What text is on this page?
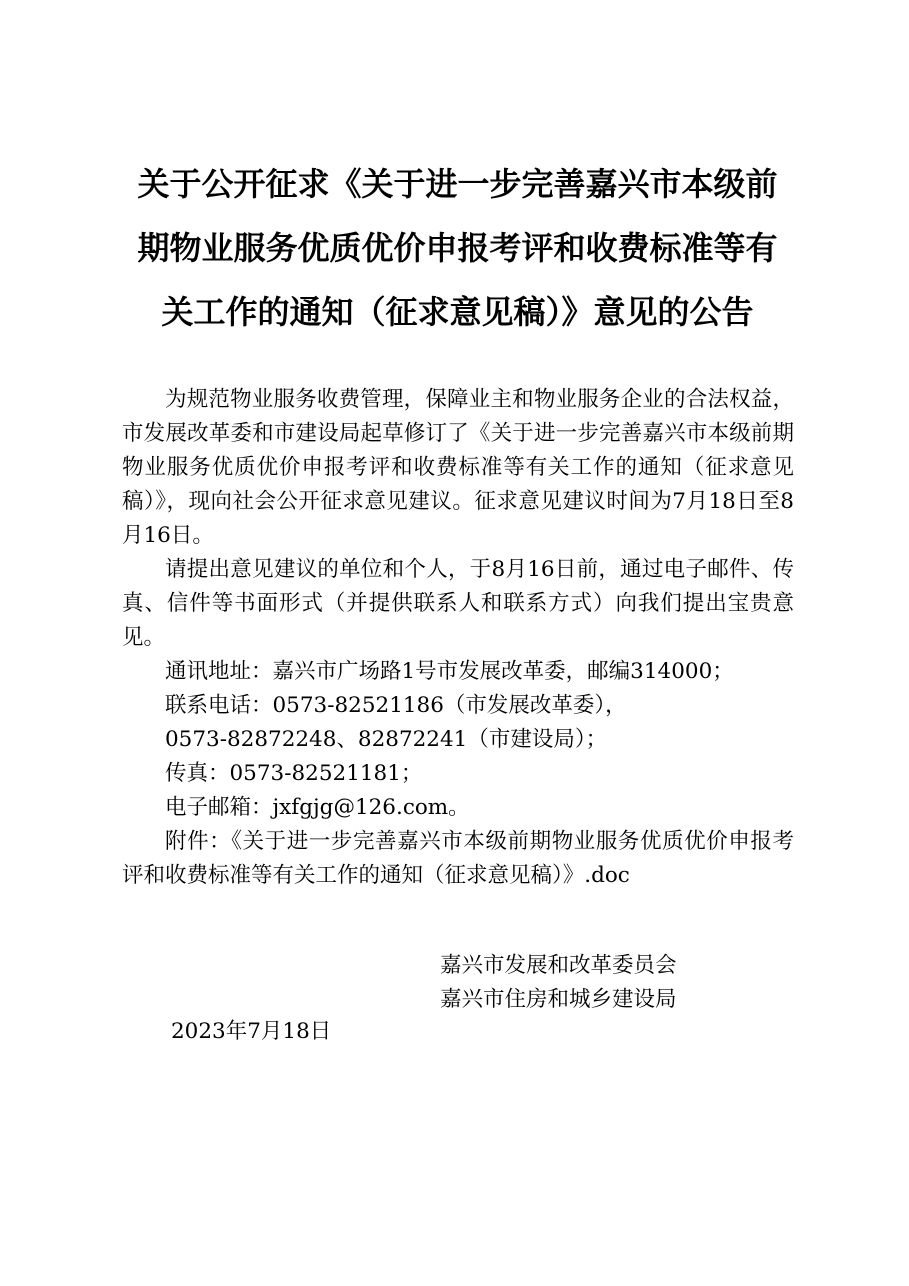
关于公开征求《关于进一步完善嘉兴市本级前
期物业服务优质优价申报考评和收费标准等有
关工作的通知（征求意见稿）》意见的公告

为规范物业服务收费管理，保障业主和物业服务企业的合法权益，市发展改革委和市建设局起草修订了《关于进一步完善嘉兴市本级前期物业服务优质优价申报考评和收费标准等有关工作的通知（征求意见稿）》，现向社会公开征求意见建议。征求意见建议时间为7月18日至8月16日。

请提出意见建议的单位和个人，于8月16日前，通过电子邮件、传真、信件等书面形式（并提供联系人和联系方式）向我们提出宝贵意见。

通讯地址：嘉兴市广场路1号市发展改革委，邮编314000；

联系电话：0573-82521186（市发展改革委），

0573-82872248、82872241（市建设局）；

传真：0573-82521181；

电子邮箱：jxfgjg@126.com。

附件：《关于进一步完善嘉兴市本级前期物业服务优质优价申报考评和收费标准等有关工作的通知（征求意见稿）》.doc

嘉兴市发展和改革委员会
嘉兴市住房和城乡建设局
2023年7月18日
